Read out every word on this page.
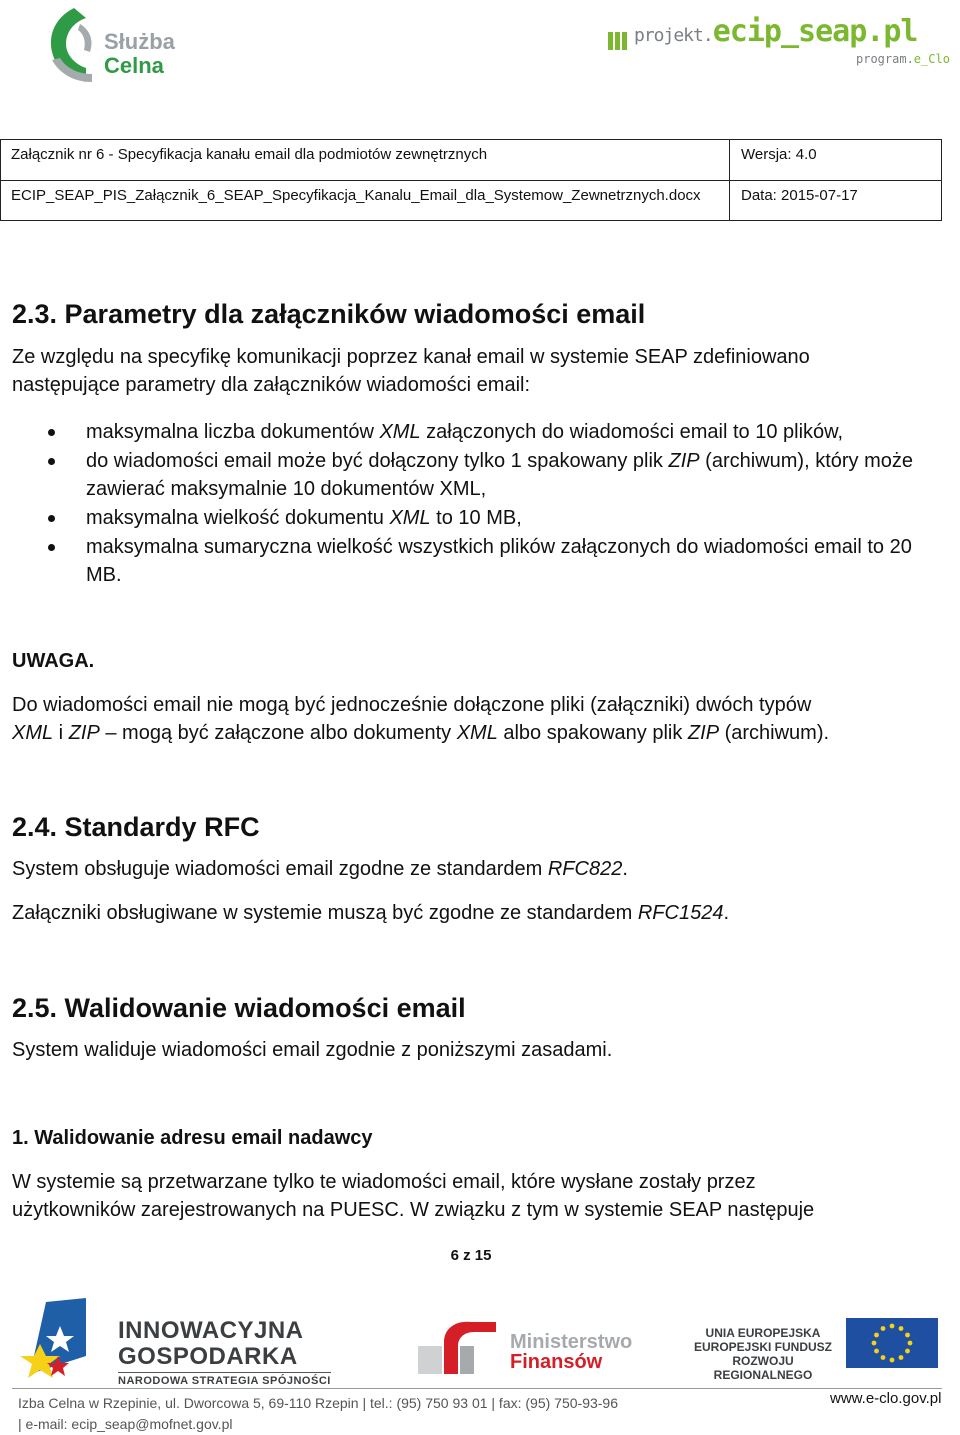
Służba
Celna
projekt.ecip_seap.pl
program.e_Clo
Załącznik nr 6 - Specyfikacja kanału email dla podmiotów zewnętrznych	Wersja: 4.0
ECIP_SEAP_PIS_Załącznik_6_SEAP_Specyfikacja_Kanalu_Email_dla_Systemow_Zewnetrznych.docx	Data: 2015-07-17
2.3. Parametry dla załączników wiadomości email
Ze względu na specyfikę komunikacji poprzez kanał email w systemie SEAP zdefiniowano
następujące parametry dla załączników wiadomości email:
maksymalna liczba dokumentów XML załączonych do wiadomości email to 10 plików,
do wiadomości email może być dołączony tylko 1 spakowany plik ZIP (archiwum), który może zawierać maksymalnie 10 dokumentów XML,
maksymalna wielkość dokumentu XML to 10 MB,
maksymalna sumaryczna wielkość wszystkich plików załączonych do wiadomości email to 20 MB.
UWAGA.
Do wiadomości email nie mogą być jednocześnie dołączone pliki (załączniki) dwóch typów
XML i ZIP – mogą być załączone albo dokumenty XML albo spakowany plik ZIP (archiwum).
2.4. Standardy RFC
System obsługuje wiadomości email zgodne ze standardem RFC822.
Załączniki obsługiwane w systemie muszą być zgodne ze standardem RFC1524.
2.5. Walidowanie wiadomości email
System waliduje wiadomości email zgodnie z poniższymi zasadami.
1. Walidowanie adresu email nadawcy
W systemie są przetwarzane tylko te wiadomości email, które wysłane zostały przez
użytkowników zarejestrowanych na PUESC. W związku z tym w systemie SEAP następuje
6 z 15
INNOWACYJNA
GOSPODARKA
NARODOWA STRATEGIA SPÓJNOŚCI
Ministerstwo
Finansów
UNIA EUROPEJSKA
EUROPEJSKI FUNDUSZ
ROZWOJU REGIONALNEGO
Izba Celna w Rzepinie, ul. Dworcowa 5, 69-110 Rzepin | tel.: (95) 750 93 01 | fax: (95) 750-93-96
| e-mail: ecip_seap@mofnet.gov.pl
www.e-clo.gov.pl
